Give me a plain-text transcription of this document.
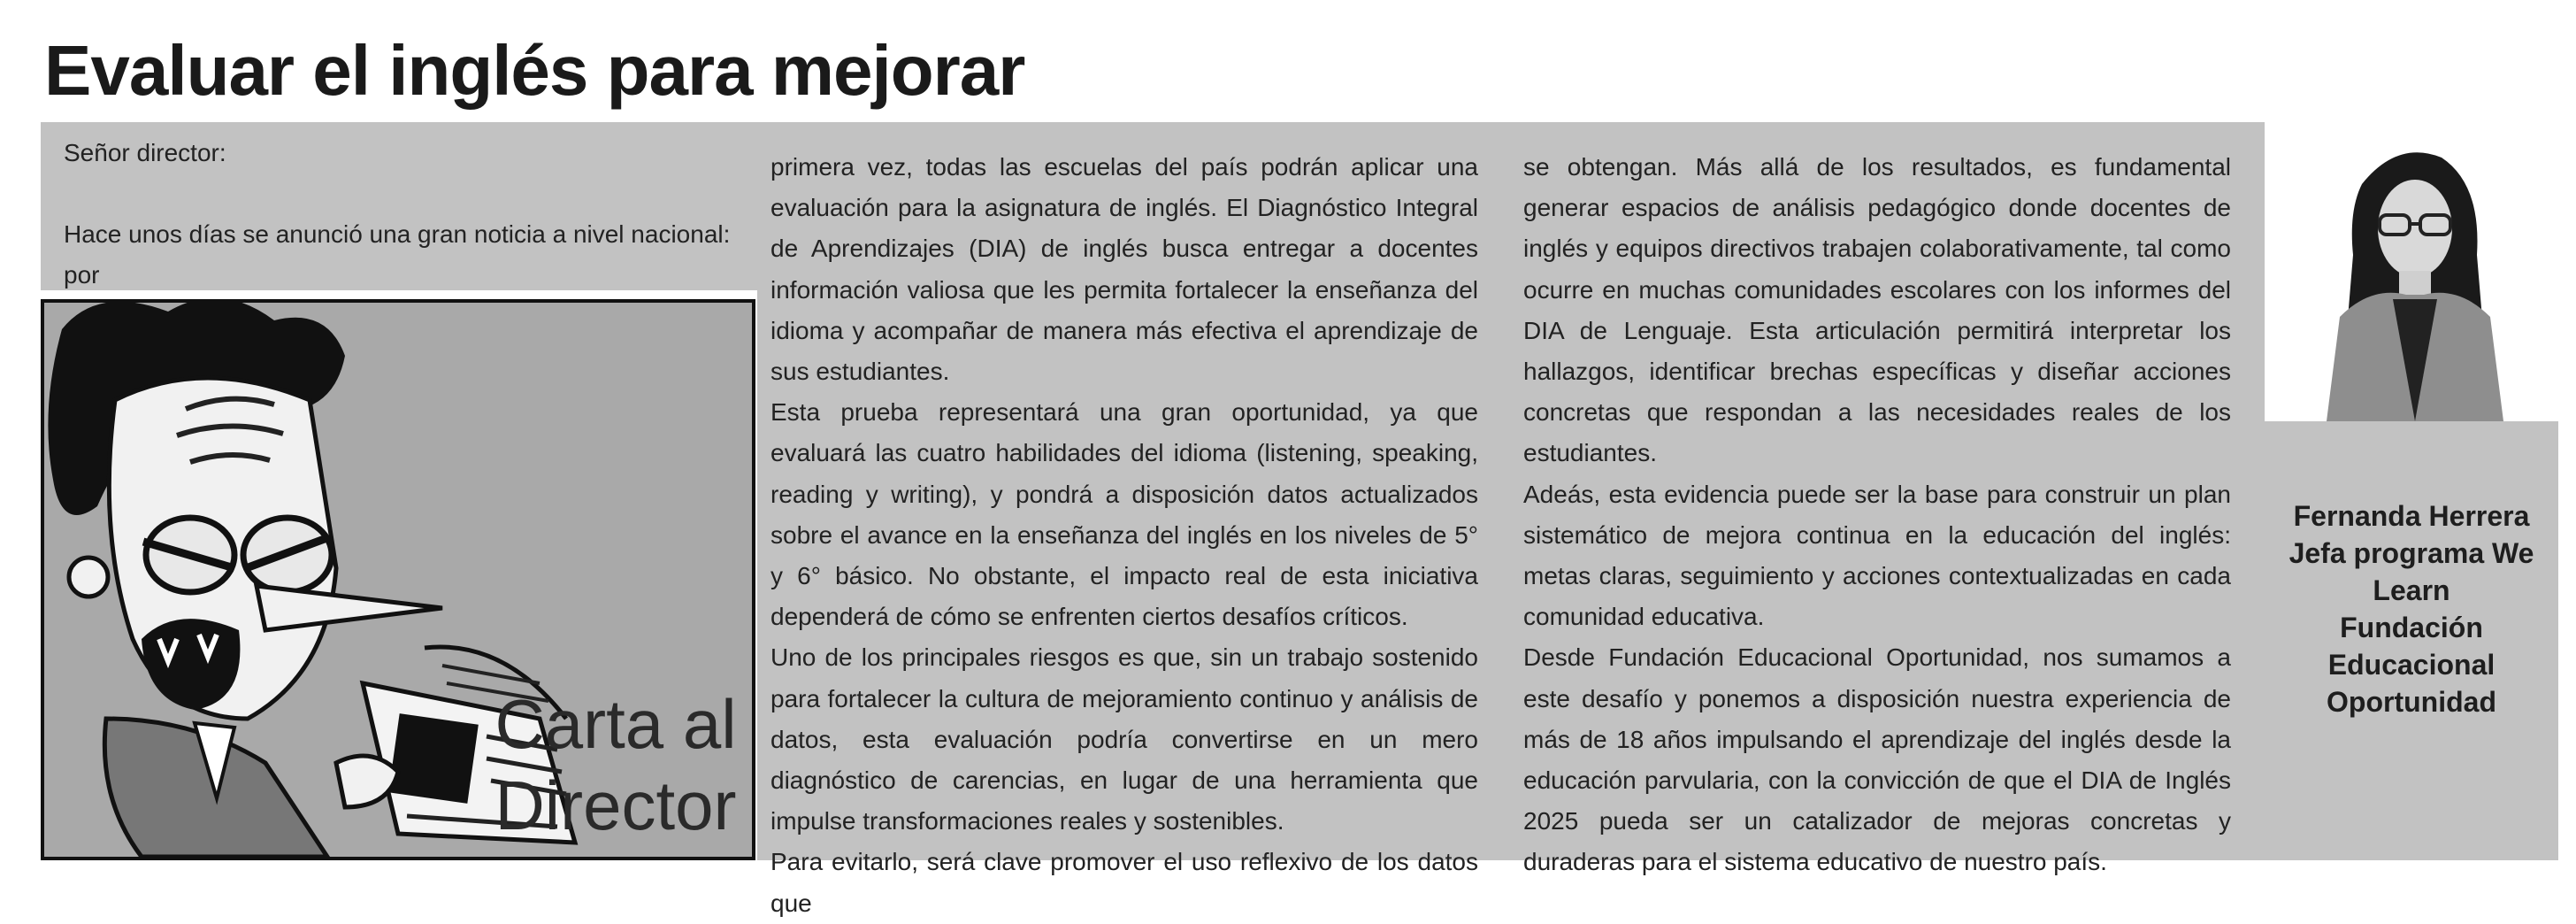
Evaluar el inglés para mejorar

Señor director:

Hace unos días se anunció una gran noticia a nivel nacional: por

Carta al
Director

primera vez, todas las escuelas del país podrán aplicar una evaluación para la asignatura de inglés. El Diagnóstico Integral de Aprendizajes (DIA) de inglés busca entregar a docentes información valiosa que les permita fortalecer la enseñanza del idioma y acompañar de manera más efectiva el aprendizaje de sus estudiantes.

Esta prueba representará una gran oportunidad, ya que evaluará las cuatro habilidades del idioma (listening, speaking, reading y writing), y pondrá a disposición datos actualizados sobre el avance en la enseñanza del inglés en los niveles de 5° y 6° básico. No obstante, el impacto real de esta iniciativa dependerá de cómo se enfrenten ciertos desafíos críticos.

Uno de los principales riesgos es que, sin un trabajo sostenido para fortalecer la cultura de mejoramiento continuo y análisis de datos, esta evaluación podría convertirse en un mero diagnóstico de carencias, en lugar de una herramienta que impulse transformaciones reales y sostenibles.

Para evitarlo, será clave promover el uso reflexivo de los datos que

se obtengan. Más allá de los resultados, es fundamental generar espacios de análisis pedagógico donde docentes de inglés y equipos directivos trabajen colaborativamente, tal como ocurre en muchas comunidades escolares con los informes del DIA de Lenguaje. Esta articulación permitirá interpretar los hallazgos, identificar brechas específicas y diseñar acciones concretas que respondan a las necesidades reales de los estudiantes.

Adeás, esta evidencia puede ser la base para construir un plan sistemático de mejora continua en la educación del inglés: metas claras, seguimiento y acciones contextualizadas en cada comunidad educativa.

Desde Fundación Educacional Oportunidad, nos sumamos a este desafío y ponemos a disposición nuestra experiencia de más de 18 años impulsando el aprendizaje del inglés desde la educación parvularia, con la convicción de que el DIA de Inglés 2025 pueda ser un catalizador de mejoras concretas y duraderas para el sistema educativo de nuestro país.

Fernanda Herrera
Jefa programa We
Learn
Fundación
Educacional
Oportunidad
